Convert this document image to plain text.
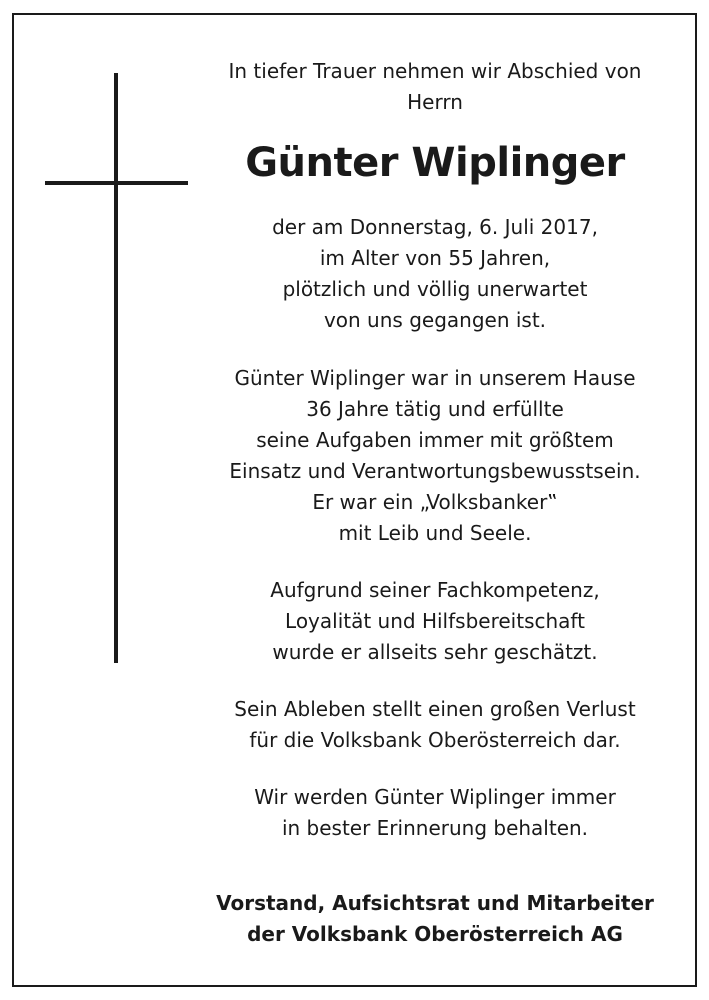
In tiefer Trauer nehmen wir Abschied von
Herrn
Günter Wiplinger
der am Donnerstag, 6. Juli 2017,
im Alter von 55 Jahren,
plötzlich und völlig unerwartet
von uns gegangen ist.
Günter Wiplinger war in unserem Hause
36 Jahre tätig und erfüllte
seine Aufgaben immer mit größtem
Einsatz und Verantwortungsbewusstsein.
Er war ein „Volksbanker‟
mit Leib und Seele.
Aufgrund seiner Fachkompetenz,
Loyalität und Hilfsbereitschaft
wurde er allseits sehr geschätzt.
Sein Ableben stellt einen großen Verlust
für die Volksbank Oberösterreich dar.
Wir werden Günter Wiplinger immer
in bester Erinnerung behalten.
Vorstand, Aufsichtsrat und Mitarbeiter
der Volksbank Oberösterreich AG
